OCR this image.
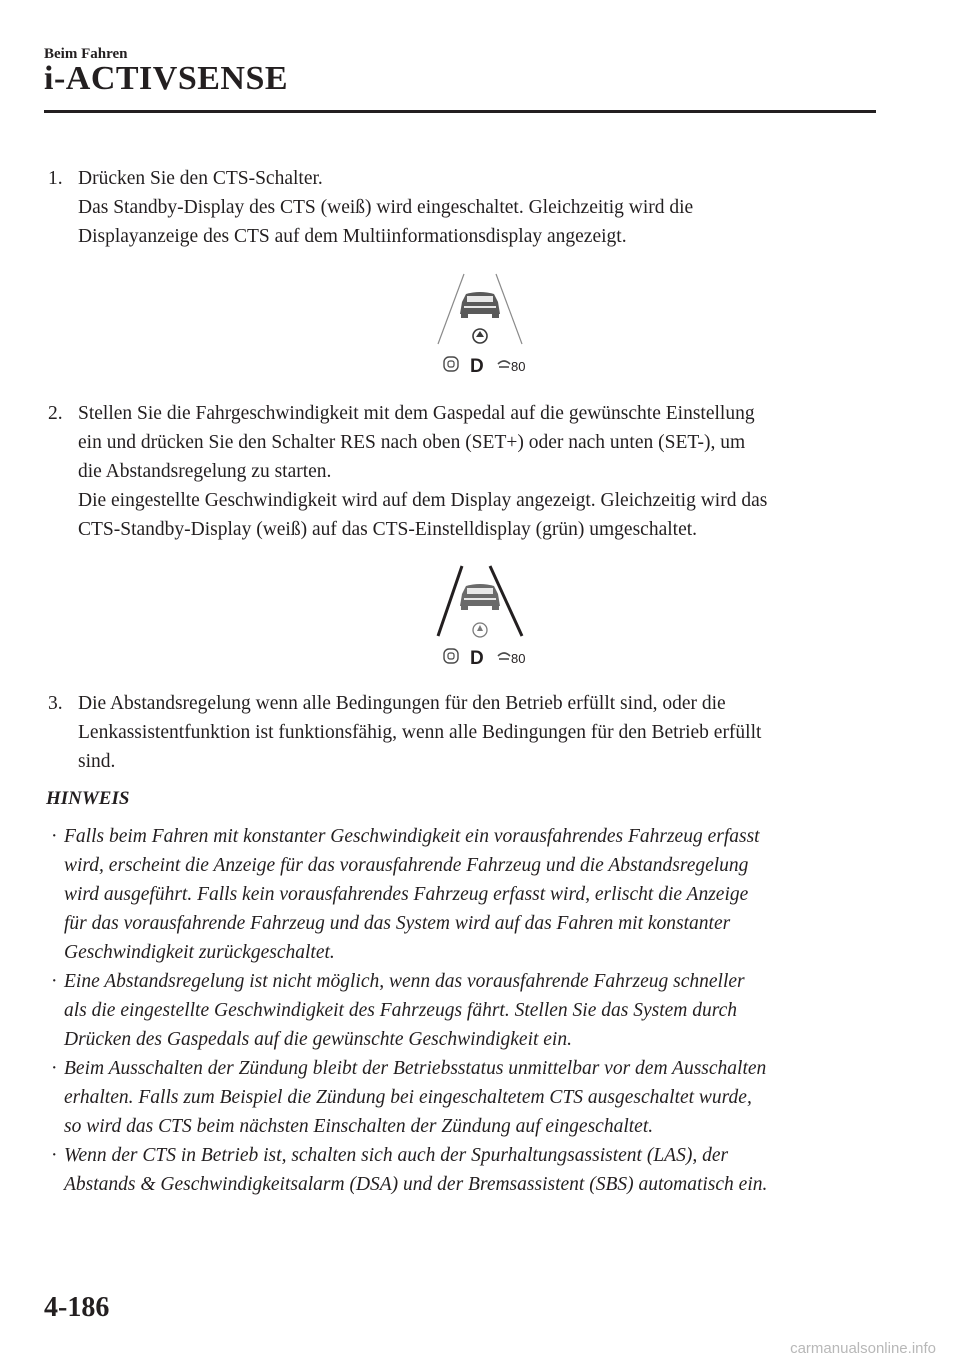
Beim Fahren
i-ACTIVSENSE
1. Drücken Sie den CTS-Schalter.
Das Standby-Display des CTS (weiß) wird eingeschaltet. Gleichzeitig wird die
Displayanzeige des CTS auf dem Multiinformationsdisplay angezeigt.
D 80
2. Stellen Sie die Fahrgeschwindigkeit mit dem Gaspedal auf die gewünschte Einstellung
ein und drücken Sie den Schalter RES nach oben (SET+) oder nach unten (SET-), um
die Abstandsregelung zu starten.
Die eingestellte Geschwindigkeit wird auf dem Display angezeigt. Gleichzeitig wird das
CTS-Standby-Display (weiß) auf das CTS-Einstelldisplay (grün) umgeschaltet.
D 80
3. Die Abstandsregelung wenn alle Bedingungen für den Betrieb erfüllt sind, oder die
Lenkassistentfunktion ist funktionsfähig, wenn alle Bedingungen für den Betrieb erfüllt
sind.
HINWEIS
· Falls beim Fahren mit konstanter Geschwindigkeit ein vorausfahrendes Fahrzeug erfasst
wird, erscheint die Anzeige für das vorausfahrende Fahrzeug und die Abstandsregelung
wird ausgeführt. Falls kein vorausfahrendes Fahrzeug erfasst wird, erlischt die Anzeige
für das vorausfahrende Fahrzeug und das System wird auf das Fahren mit konstanter
Geschwindigkeit zurückgeschaltet.
· Eine Abstandsregelung ist nicht möglich, wenn das vorausfahrende Fahrzeug schneller
als die eingestellte Geschwindigkeit des Fahrzeugs fährt. Stellen Sie das System durch
Drücken des Gaspedals auf die gewünschte Geschwindigkeit ein.
· Beim Ausschalten der Zündung bleibt der Betriebsstatus unmittelbar vor dem Ausschalten
erhalten. Falls zum Beispiel die Zündung bei eingeschaltetem CTS ausgeschaltet wurde,
so wird das CTS beim nächsten Einschalten der Zündung auf eingeschaltet.
· Wenn der CTS in Betrieb ist, schalten sich auch der Spurhaltungsassistent (LAS), der
Abstands & Geschwindigkeitsalarm (DSA) und der Bremsassistent (SBS) automatisch ein.
4-186
carmanualsonline.info
